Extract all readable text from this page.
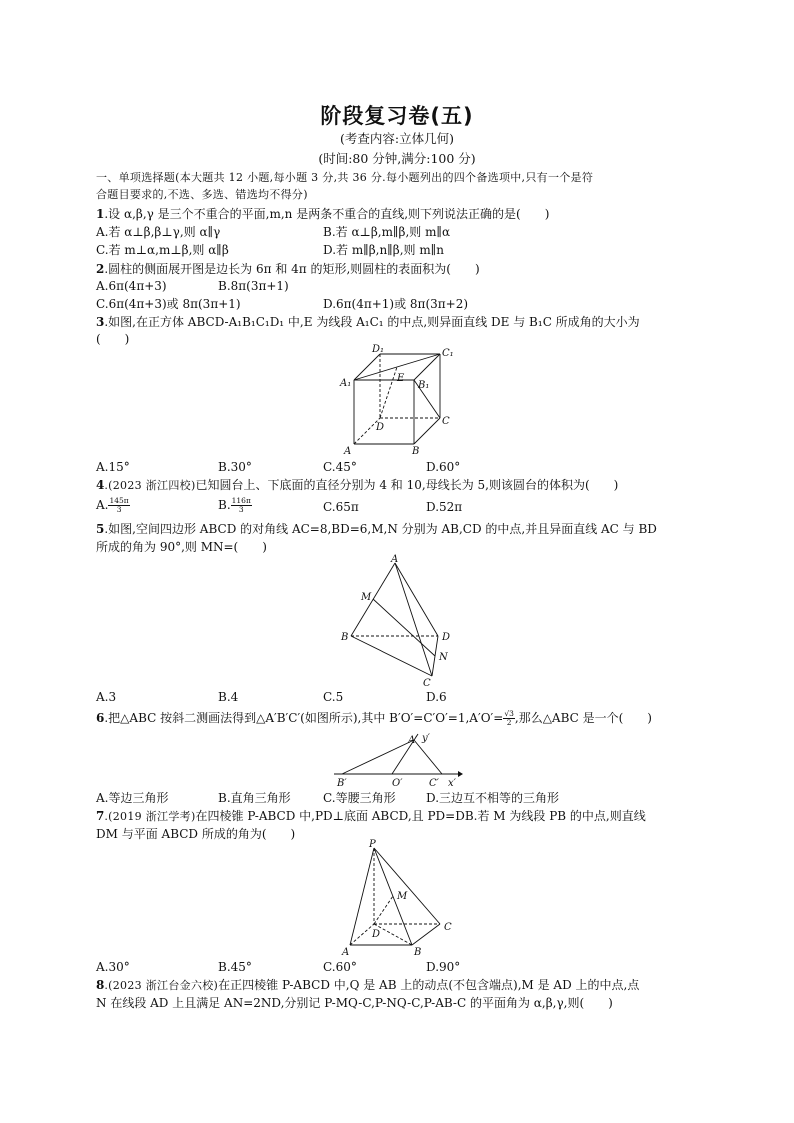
阶段复习卷(五)
(考查内容:立体几何)
(时间:80 分钟,满分:100 分)
一、单项选择题(本大题共 12 小题,每小题 3 分,共 36 分.每小题列出的四个备选项中,只有一个是符
合题目要求的,不选、多选、错选均不得分)
1.设 α,β,γ 是三个不重合的平面,m,n 是两条不重合的直线,则下列说法正确的是(　　)
A.若 α⊥β,β⊥γ,则 α∥γ	B.若 α⊥β,m∥β,则 m∥α
C.若 m⊥α,m⊥β,则 α∥β	D.若 m∥β,n∥β,则 m∥n
2.圆柱的侧面展开图是边长为 6π 和 4π 的矩形,则圆柱的表面积为(　　)
A.6π(4π+3)	B.8π(3π+1)
C.6π(4π+3)或 8π(3π+1)	D.6π(4π+1)或 8π(3π+2)
3.如图,在正方体 ABCD-A₁B₁C₁D₁ 中,E 为线段 A₁C₁ 的中点,则异面直线 DE 与 B₁C 所成角的大小为
(　　)
D₁	C₁
A₁	E
B₁
D
C
A	B
A.15°	B.30°	C.45°	D.60°
4.(2023 浙江四校)已知圆台上、下底面的直径分别为 4 和 10,母线长为 5,则该圆台的体积为(　　)
A. $\frac{145\pi}{3}$	B. $\frac{116\pi}{3}$	C.65π	D.52π
5.如图,空间四边形 ABCD 的对角线 AC=8,BD=6,M,N 分别为 AB,CD 的中点,并且异面直线 AC 与 BD
所成的角为 90°,则 MN=(　　)
A
M
B	D
N
C
A.3	B.4	C.5	D.6
6.把△ABC 按斜二测画法得到△A′B′C′(如图所示),其中 $B'O'=C'O'=1,A'O'= \frac{√3}{2}$ ,那么△ABC 是一个(　　)
A′ y′
B′	O′	C′ x′
A.等边三角形	B.直角三角形	C.等腰三角形	D.三边互不相等的三角形
7.(2019 浙江学考)在四棱锥 P-ABCD 中,PD⊥底面 ABCD,且 PD=DB.若 M 为线段 PB 的中点,则直线
DM 与平面 ABCD 所成的角为(　　)
P
M
D
C
A	B
A.30°	B.45°	C.60°	D.90°
8.(2023 浙江台金六校)在正四棱锥 P-ABCD 中,Q 是 AB 上的动点(不包含端点),M 是 AD 上的中点,点
N 在线段 AD 上且满足 AN=2ND,分别记 P-MQ-C,P-NQ-C,P-AB-C 的平面角为 α,β,γ,则(　　)
